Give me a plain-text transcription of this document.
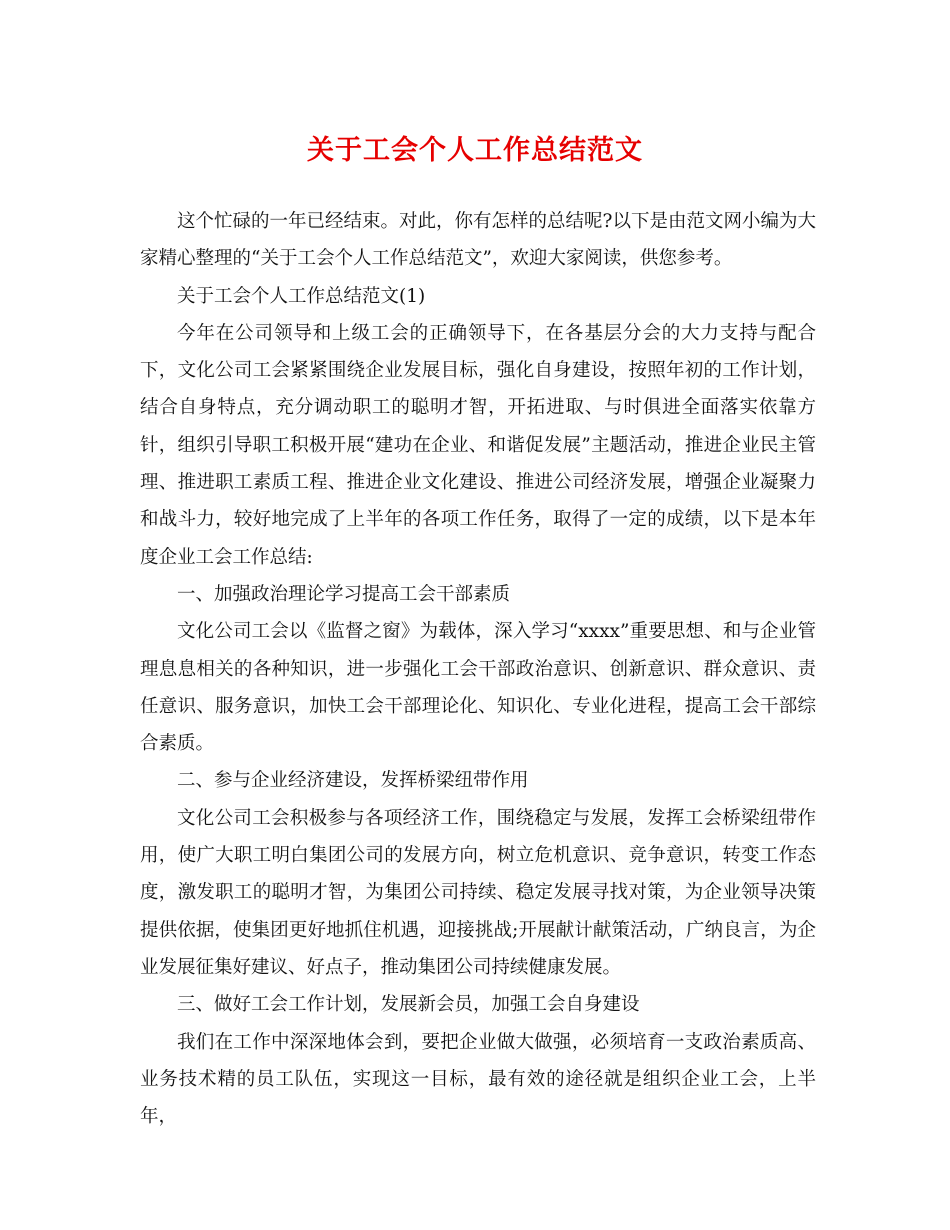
关于工会个人工作总结范文

这个忙碌的一年已经结束。对此，你有怎样的总结呢?以下是由范文网小编为大家精心整理的“关于工会个人工作总结范文”，欢迎大家阅读，供您参考。

关于工会个人工作总结范文(1)

今年在公司领导和上级工会的正确领导下，在各基层分会的大力支持与配合下，文化公司工会紧紧围绕企业发展目标，强化自身建设，按照年初的工作计划，结合自身特点，充分调动职工的聪明才智，开拓进取、与时俱进全面落实依靠方针，组织引导职工积极开展“建功在企业、和谐促发展”主题活动，推进企业民主管理、推进职工素质工程、推进企业文化建设、推进公司经济发展，增强企业凝聚力和战斗力，较好地完成了上半年的各项工作任务，取得了一定的成绩，以下是本年度企业工会工作总结:

一、加强政治理论学习提高工会干部素质

文化公司工会以《监督之窗》为载体，深入学习“xxxx”重要思想、和与企业管理息息相关的各种知识，进一步强化工会干部政治意识、创新意识、群众意识、责任意识、服务意识，加快工会干部理论化、知识化、专业化进程，提高工会干部综合素质。

二、参与企业经济建设，发挥桥梁纽带作用

文化公司工会积极参与各项经济工作，围绕稳定与发展，发挥工会桥梁纽带作用，使广大职工明白集团公司的发展方向，树立危机意识、竞争意识，转变工作态度，激发职工的聪明才智，为集团公司持续、稳定发展寻找对策，为企业领导决策提供依据，使集团更好地抓住机遇，迎接挑战;开展献计献策活动，广纳良言，为企业发展征集好建议、好点子，推动集团公司持续健康发展。

三、做好工会工作计划，发展新会员，加强工会自身建设

我们在工作中深深地体会到，要把企业做大做强，必须培育一支政治素质高、业务技术精的员工队伍，实现这一目标，最有效的途径就是组织企业工会，上半年，
